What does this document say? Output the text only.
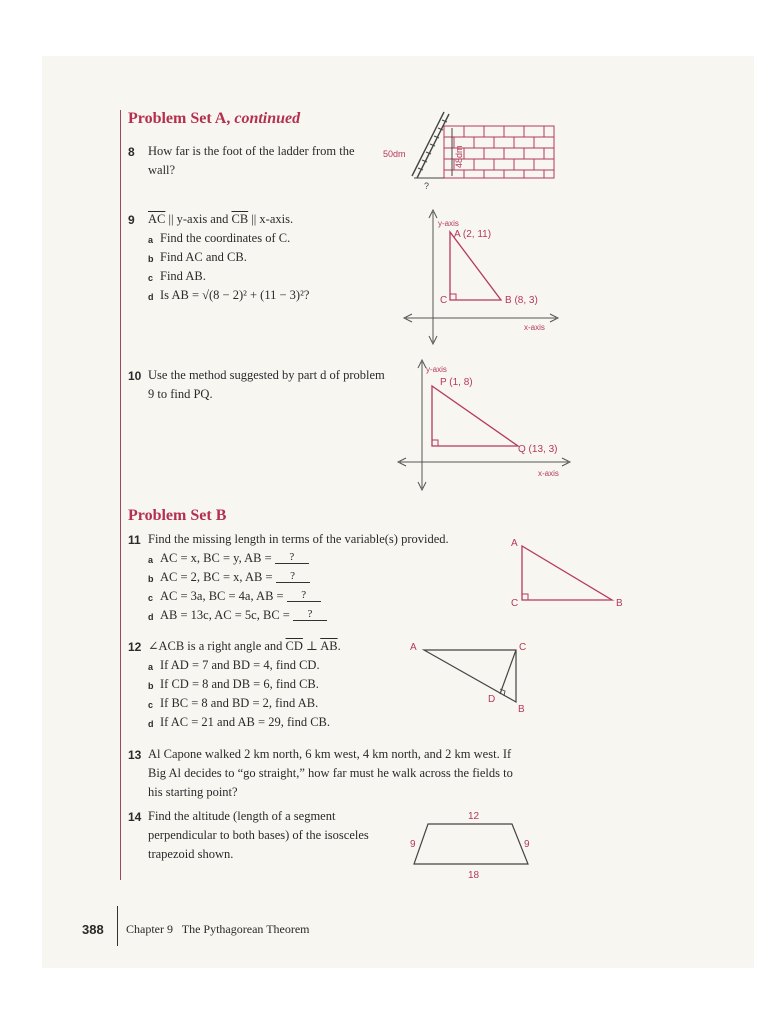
Problem Set A, continued
8	How far is the foot of the ladder from the wall?
50dm	48dm
?
9	$\overline{AC}$ || y-axis and $\overline{CB}$ || x-axis.
a Find the coordinates of C.
b Find AC and CB.
c Find AB.
d Is AB = √(8 − 2)² + (11 − 3)²?
y-axis
A (2, 11)
C	B (8, 3)
x-axis
10 Use the method suggested by part d of problem 9 to find PQ.
y-axis
P (1, 8)
Q (13, 3)
x-axis
Problem Set B
11 Find the missing length in terms of the variable(s) provided.
a AC = x, BC = y, AB = ?
b AC = 2, BC = x, AB = ?
c AC = 3a, BC = 4a, AB = ?
d AB = 13c, AC = 5c, BC = ?
A
C	B
12 ∠ACB is a right angle and $\overline{CD}$ ⊥ $\overline{AB}$.
a If AD = 7 and BD = 4, find CD.
b If CD = 8 and DB = 6, find CB.
c If BC = 8 and BD = 2, find AB.
d If AC = 21 and AB = 29, find CB.
A	C
D
B
13 Al Capone walked 2 km north, 6 km west, 4 km north, and 2 km west. If Big Al decides to “go straight,” how far must he walk across the fields to his starting point?
14 Find the altitude (length of a segment perpendicular to both bases) of the isosceles trapezoid shown.
12
9	9
18
388 Chapter 9   The Pythagorean Theorem
